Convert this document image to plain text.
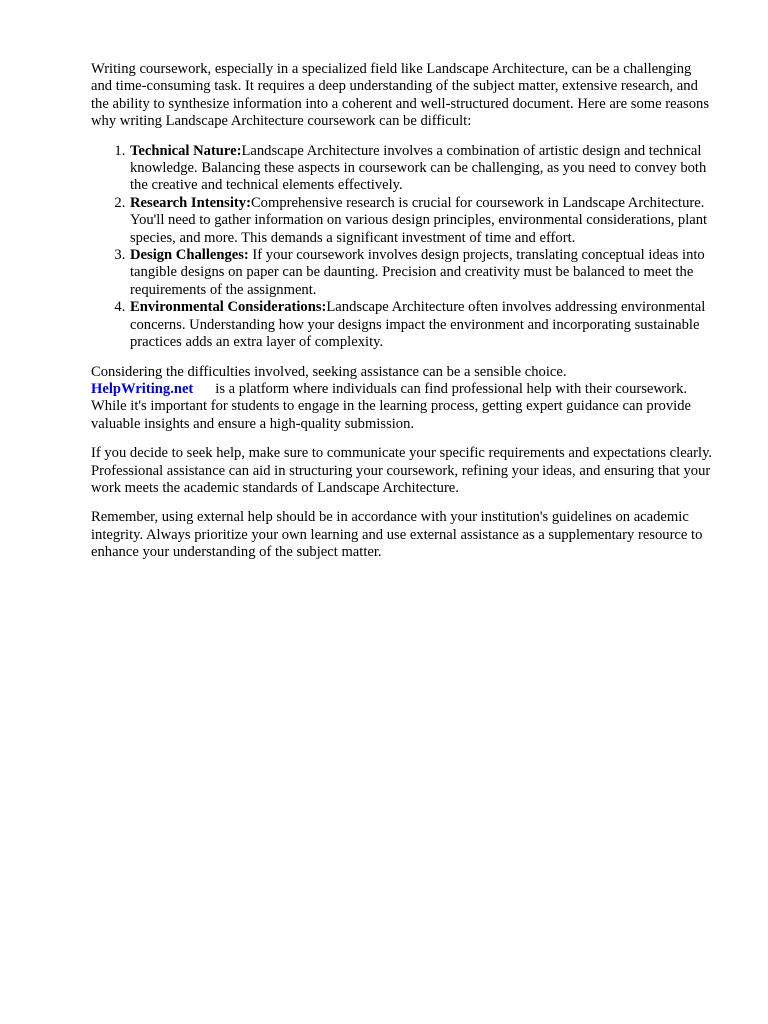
Writing coursework, especially in a specialized field like Landscape Architecture, can be a challenging and time-consuming task. It requires a deep understanding of the subject matter, extensive research, and the ability to synthesize information into a coherent and well-structured document. Here are some reasons why writing Landscape Architecture coursework can be difficult:

1. Technical Nature:Landscape Architecture involves a combination of artistic design and technical knowledge. Balancing these aspects in coursework can be challenging, as you need to convey both the creative and technical elements effectively.
2. Research Intensity:Comprehensive research is crucial for coursework in Landscape Architecture. You'll need to gather information on various design principles, environmental considerations, plant species, and more. This demands a significant investment of time and effort.
3. Design Challenges: If your coursework involves design projects, translating conceptual ideas into tangible designs on paper can be daunting. Precision and creativity must be balanced to meet the requirements of the assignment.
4. Environmental Considerations:Landscape Architecture often involves addressing environmental concerns. Understanding how your designs impact the environment and incorporating sustainable practices adds an extra layer of complexity.

Considering the difficulties involved, seeking assistance can be a sensible choice.
HelpWriting.net is a platform where individuals can find professional help with their coursework. While it's important for students to engage in the learning process, getting expert guidance can provide valuable insights and ensure a high-quality submission.

If you decide to seek help, make sure to communicate your specific requirements and expectations clearly. Professional assistance can aid in structuring your coursework, refining your ideas, and ensuring that your work meets the academic standards of Landscape Architecture.

Remember, using external help should be in accordance with your institution's guidelines on academic integrity. Always prioritize your own learning and use external assistance as a supplementary resource to enhance your understanding of the subject matter.
